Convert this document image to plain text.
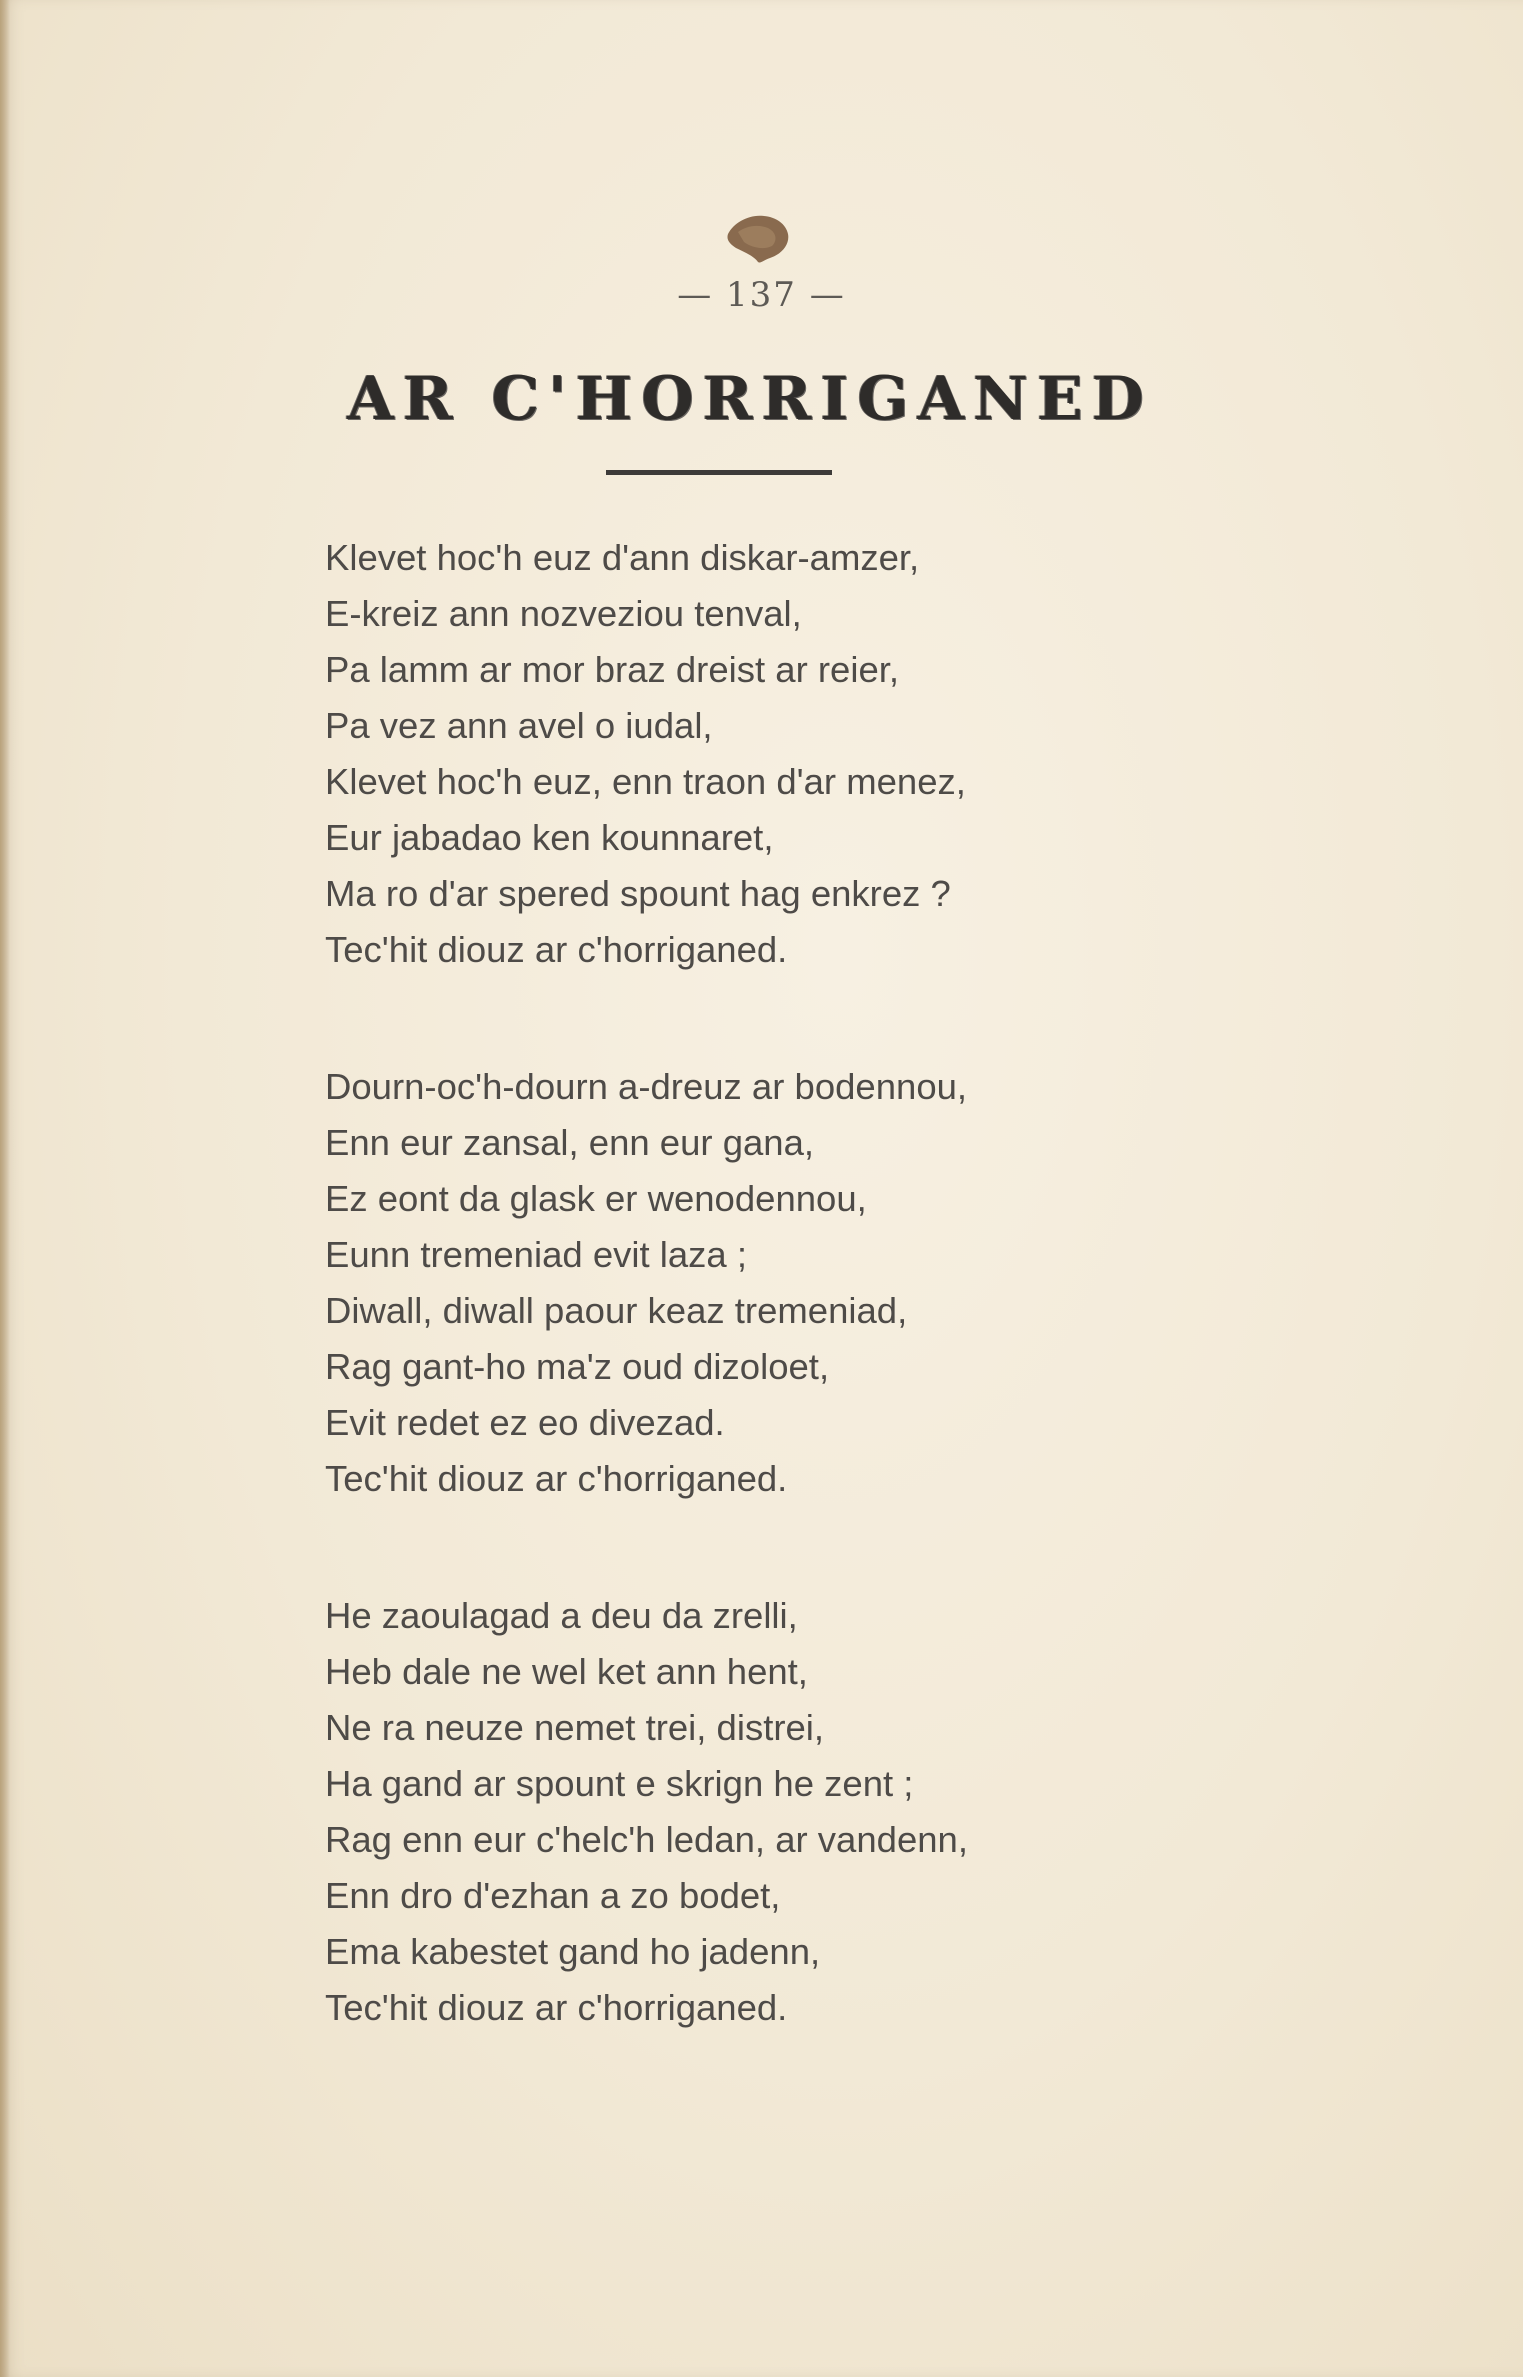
— 137 —
AR C'HORRIGANED
Klevet hoc'h euz d'ann diskar-amzer,
E-kreiz ann nozveziou tenval,
Pa lamm ar mor braz dreist ar reier,
Pa vez ann avel o iudal,
Klevet hoc'h euz, enn traon d'ar menez,
Eur jabadao ken kounnaret,
Ma ro d'ar spered spount hag enkrez ?
Tec'hit diouz ar c'horriganed.
Dourn-oc'h-dourn a-dreuz ar bodennou,
Enn eur zansal, enn eur gana,
Ez eont da glask er wenodennou,
Eunn tremeniad evit laza ;
Diwall, diwall paour keaz tremeniad,
Rag gant-ho ma'z oud dizoloet,
Evit redet ez eo divezad.
Tec'hit diouz ar c'horriganed.
He zaoulagad a deu da zrelli,
Heb dale ne wel ket ann hent,
Ne ra neuze nemet trei, distrei,
Ha gand ar spount e skrign he zent ;
Rag enn eur c'helc'h ledan, ar vandenn,
Enn dro d'ezhan a zo bodet,
Ema kabestet gand ho jadenn,
Tec'hit diouz ar c'horriganed.
